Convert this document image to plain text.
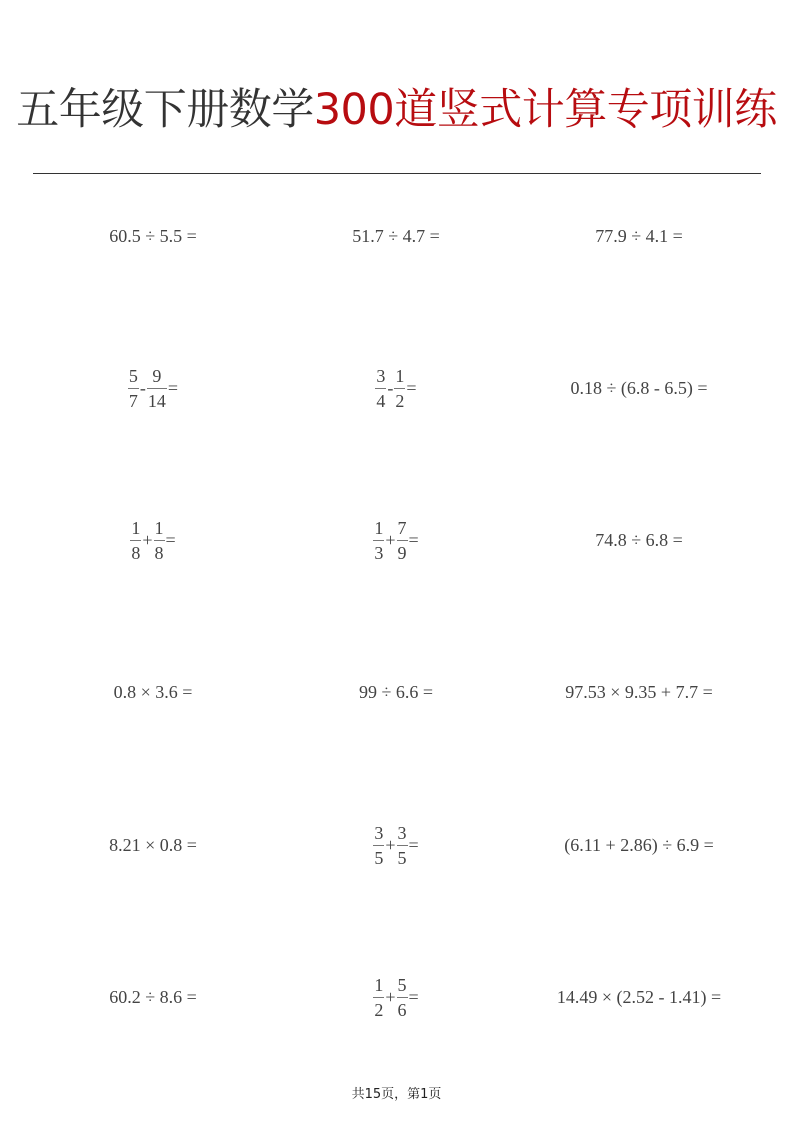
五年级下册数学300道竖式计算专项训练
60.5 ÷ 5.5 =	51.7 ÷ 4.7 =	77.9 ÷ 4.1 =
$\frac{5}{7} - \frac{9}{14}$ =	$\frac{3}{4} - \frac{1}{2}$ =	0.18 ÷ (6.8 - 6.5) =
$\frac{1}{8} + \frac{1}{8}$ =	$\frac{1}{3} + \frac{7}{9}$ =	74.8 ÷ 6.8 =
0.8 × 3.6 =	99 ÷ 6.6 =	97.53 × 9.35 + 7.7 =
8.21 × 0.8 =	$\frac{3}{5} + \frac{3}{5}$ =	(6.11 + 2.86) ÷ 6.9 =
60.2 ÷ 8.6 =	$\frac{1}{2} + \frac{5}{6}$ =	14.49 × (2.52 - 1.41) =
共15页，第1页
